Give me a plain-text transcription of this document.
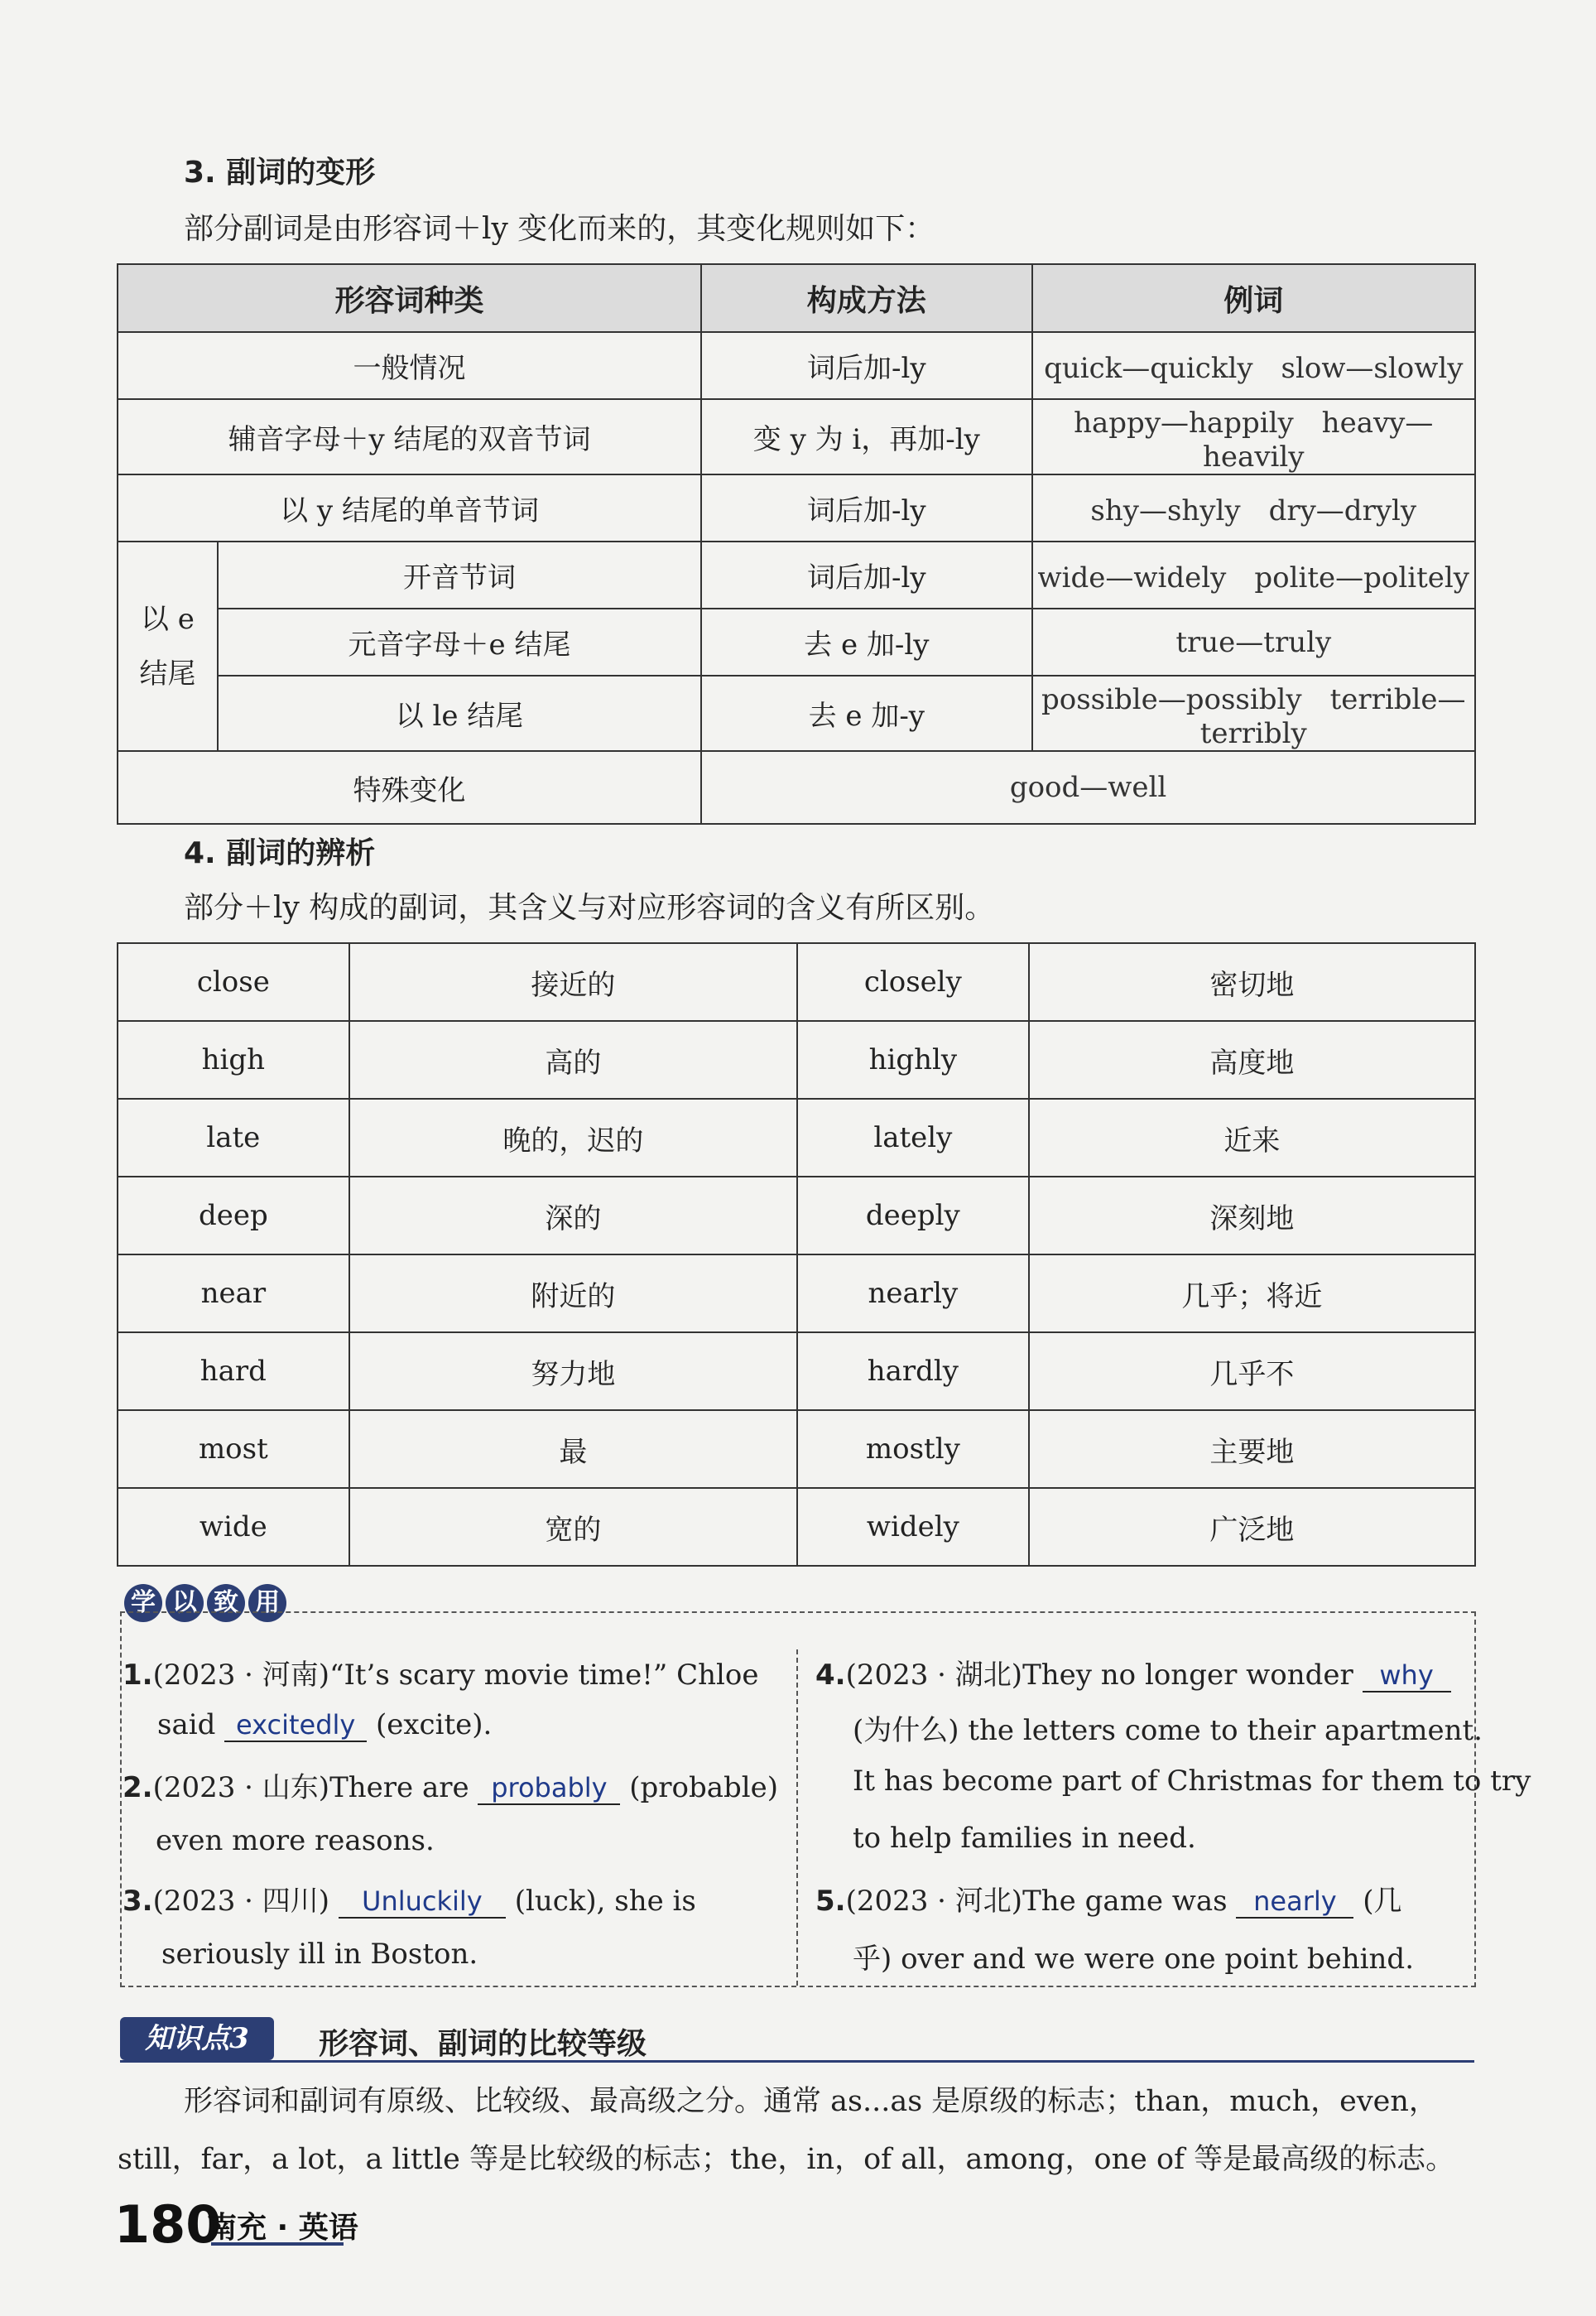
3. 副词的变形
部分副词是由形容词＋ly 变化而来的，其变化规则如下：
形容词种类		构成方法	例词
一般情况		词后加-ly	quick—quickly　slow—slowly
辅音字母＋y 结尾的双音节词		变 y 为 i，再加-ly	happy—happily　heavy—heavily
以 y 结尾的单音节词		词后加-ly	shy—shyly　dry—dryly
以 e 结尾	开音节词	词后加-ly	wide—widely　polite—politely
	元音字母＋e 结尾	去 e 加-ly	true—truly
	以 le 结尾	去 e 加-y	possible—possibly　terrible—terribly
特殊变化		good—well	
4. 副词的辨析
部分＋ly 构成的副词，其含义与对应形容词的含义有所区别。
close	接近的	closely	密切地
high	高的	highly	高度地
late	晚的，迟的	lately	近来
deep	深的	deeply	深刻地
near	附近的	nearly	几乎；将近
hard	努力地	hardly	几乎不
most	最	mostly	主要地
wide	宽的	widely	广泛地
学 以 致 用
1.(2023 · 河南)“It’s scary movie time!” Chloe
said excitedly (excite).
2.(2023 · 山东)There are probably (probable)
even more reasons.
3.(2023 · 四川) Unluckily (luck), she is
seriously ill in Boston.
4.(2023 · 湖北)They no longer wonder why
(为什么) the letters come to their apartment.
It has become part of Christmas for them to try
to help families in need.
5.(2023 · 河北)The game was nearly (几
乎) over and we were one point behind.
知识点3	形容词、副词的比较等级
形容词和副词有原级、比较级、最高级之分。通常 as...as 是原级的标志；than，much，even，
still，far，a lot，a little 等是比较级的标志；the，in，of all，among，one of 等是最高级的标志。
180
南充 · 英语
